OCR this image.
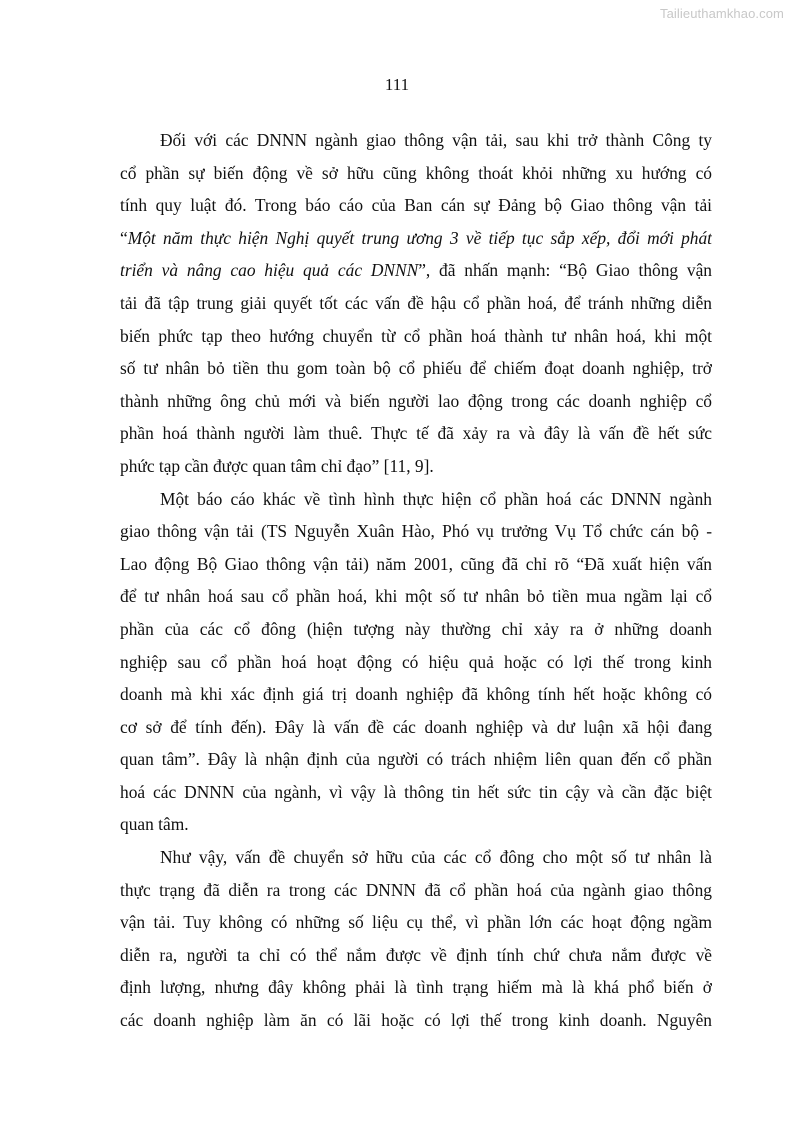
Tailieuthamkhao.com
111
Đối với các DNNN ngành giao thông vận tải, sau khi trở thành Công ty
cổ phần sự biến động về sở hữu cũng không thoát khỏi những xu hướng có
tính quy luật đó. Trong báo cáo của Ban cán sự Đảng bộ Giao thông vận tải
“Một năm thực hiện Nghị quyết trung ương 3 về tiếp tục sắp xếp, đổi mới phát
triển và nâng cao hiệu quả các DNNN”, đã nhấn mạnh: “Bộ Giao thông vận
tải đã tập trung giải quyết tốt các vấn đề hậu cổ phần hoá, để tránh những diễn
biến phức tạp theo hướng chuyển từ cổ phần hoá thành tư nhân hoá, khi một
số tư nhân bỏ tiền thu gom toàn bộ cổ phiếu để chiếm đoạt doanh nghiệp, trở
thành những ông chủ mới và biến người lao động trong các doanh nghiệp cổ
phần hoá thành người làm thuê. Thực tế đã xảy ra và đây là vấn đề hết sức
phức tạp cần được quan tâm chỉ đạo” [11, 9].
Một báo cáo khác về tình hình thực hiện cổ phần hoá các DNNN ngành
giao thông vận tải (TS Nguyễn Xuân Hào, Phó vụ trưởng Vụ Tổ chức cán bộ -
Lao động Bộ Giao thông vận tải) năm 2001, cũng đã chỉ rõ “Đã xuất hiện vấn
để tư nhân hoá sau cổ phần hoá, khi một số tư nhân bỏ tiền mua ngầm lại cổ
phần của các cổ đông (hiện tượng này thường chỉ xảy ra ở những doanh
nghiệp sau cổ phần hoá hoạt động có hiệu quả hoặc có lợi thế trong kinh
doanh mà khi xác định giá trị doanh nghiệp đã không tính hết hoặc không có
cơ sở để tính đến). Đây là vấn đề các doanh nghiệp và dư luận xã hội đang
quan tâm”. Đây là nhận định của người có trách nhiệm liên quan đến cổ phần
hoá các DNNN của ngành, vì vậy là thông tin hết sức tin cậy và cần đặc biệt
quan tâm.
Như vậy, vấn đề chuyển sở hữu của các cổ đông cho một số tư nhân là
thực trạng đã diễn ra trong các DNNN đã cổ phần hoá của ngành giao thông
vận tải. Tuy không có những số liệu cụ thể, vì phần lớn các hoạt động ngầm
diễn ra, người ta chỉ có thể nắm được về định tính chứ chưa nắm được về
định lượng, nhưng đây không phải là tình trạng hiếm mà là khá phổ biến ở
các doanh nghiệp làm ăn có lãi hoặc có lợi thế trong kinh doanh. Nguyên
